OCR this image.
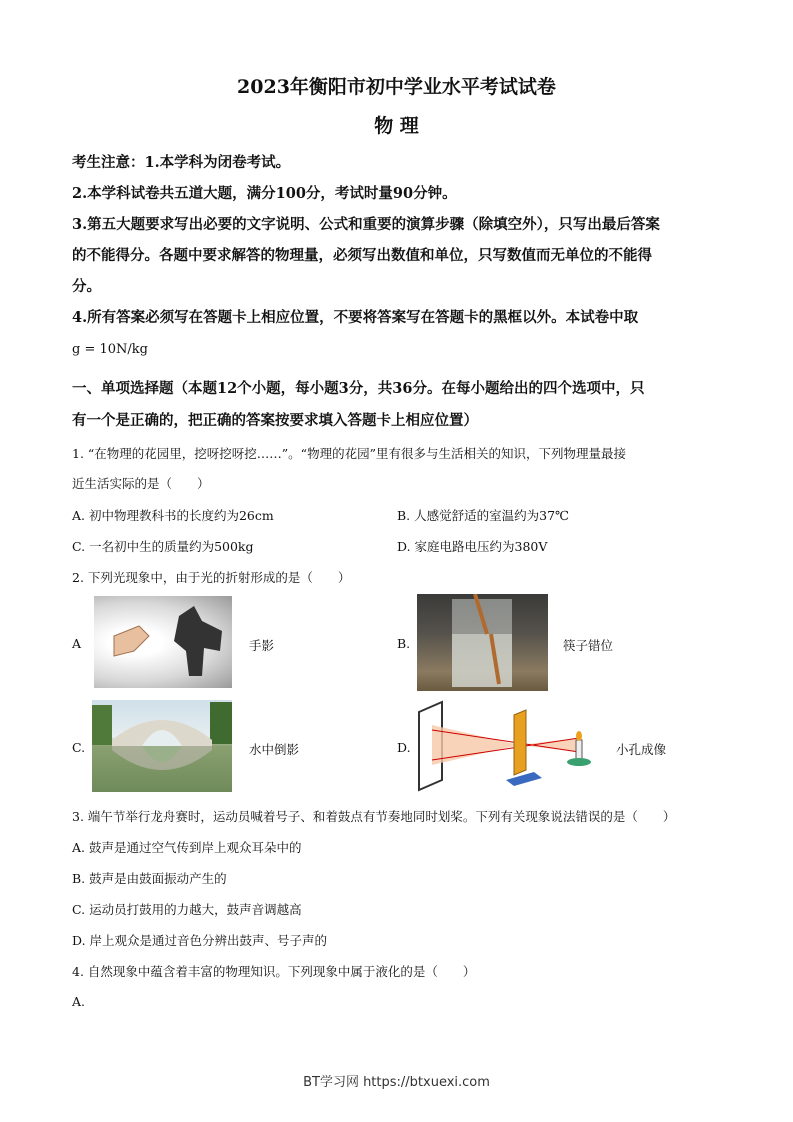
2023年衡阳市初中学业水平考试试卷
物 理
考生注意：1.本学科为闭卷考试。
2.本学科试卷共五道大题，满分100分，考试时量90分钟。
3.第五大题要求写出必要的文字说明、公式和重要的演算步骤（除填空外），只写出最后答案
的不能得分。各题中要求解答的物理量，必须写出数值和单位，只写数值而无单位的不能得
分。
4.所有答案必须写在答题卡上相应位置，不要将答案写在答题卡的黑框以外。本试卷中取
g = 10N/kg
一、单项选择题（本题12个小题，每小题3分，共36分。在每小题给出的四个选项中，只
有一个是正确的，把正确的答案按要求填入答题卡上相应位置）
1. “在物理的花园里，挖呀挖呀挖……”。“物理的花园”里有很多与生活相关的知识，下列物理量最接
近生活实际的是（　　）
A. 初中物理教科书的长度约为26cm	B. 人感觉舒适的室温约为37℃
C. 一名初中生的质量约为500kg	D. 家庭电路电压约为380V
2. 下列光现象中，由于光的折射形成的是（　　）
A	手影	B.	筷子错位
C.	水中倒影	D.	小孔成像
3. 端午节举行龙舟赛时，运动员喊着号子、和着鼓点有节奏地同时划桨。下列有关现象说法错误的是（　　）
A. 鼓声是通过空气传到岸上观众耳朵中的
B. 鼓声是由鼓面振动产生的
C. 运动员打鼓用的力越大，鼓声音调越高
D. 岸上观众是通过音色分辨出鼓声、号子声的
4. 自然现象中蕴含着丰富的物理知识。下列现象中属于液化的是（　　）
A.
BT学习网 https://btxuexi.com
